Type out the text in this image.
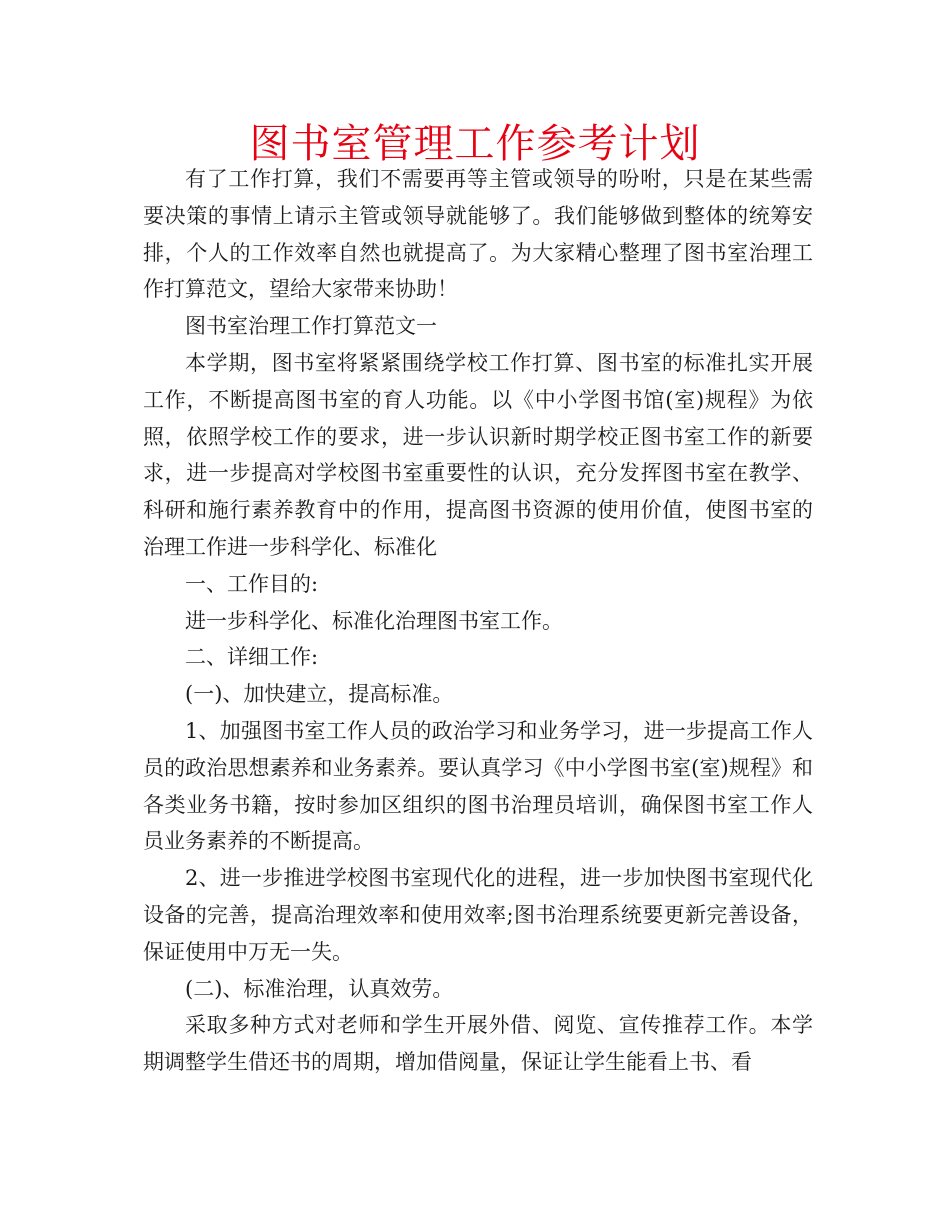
图书室管理工作参考计划

有了工作打算，我们不需要再等主管或领导的吩咐，只是在某些需要决策的事情上请示主管或领导就能够了。我们能够做到整体的统筹安排，个人的工作效率自然也就提高了。为大家精心整理了图书室治理工作打算范文，望给大家带来协助！

图书室治理工作打算范文一

本学期，图书室将紧紧围绕学校工作打算、图书室的标准扎实开展工作，不断提高图书室的育人功能。以《中小学图书馆(室)规程》为依照，依照学校工作的要求，进一步认识新时期学校正图书室工作的新要求，进一步提高对学校图书室重要性的认识，充分发挥图书室在教学、科研和施行素养教育中的作用，提高图书资源的使用价值，使图书室的治理工作进一步科学化、标准化

一、工作目的:

进一步科学化、标准化治理图书室工作。

二、详细工作:

(一)、加快建立，提高标准。

1、加强图书室工作人员的政治学习和业务学习，进一步提高工作人员的政治思想素养和业务素养。要认真学习《中小学图书室(室)规程》和各类业务书籍，按时参加区组织的图书治理员培训，确保图书室工作人员业务素养的不断提高。

2、进一步推进学校图书室现代化的进程，进一步加快图书室现代化设备的完善，提高治理效率和使用效率;图书治理系统要更新完善设备，保证使用中万无一失。

(二)、标准治理，认真效劳。

采取多种方式对老师和学生开展外借、阅览、宣传推荐工作。本学期调整学生借还书的周期，增加借阅量，保证让学生能看上书、看
